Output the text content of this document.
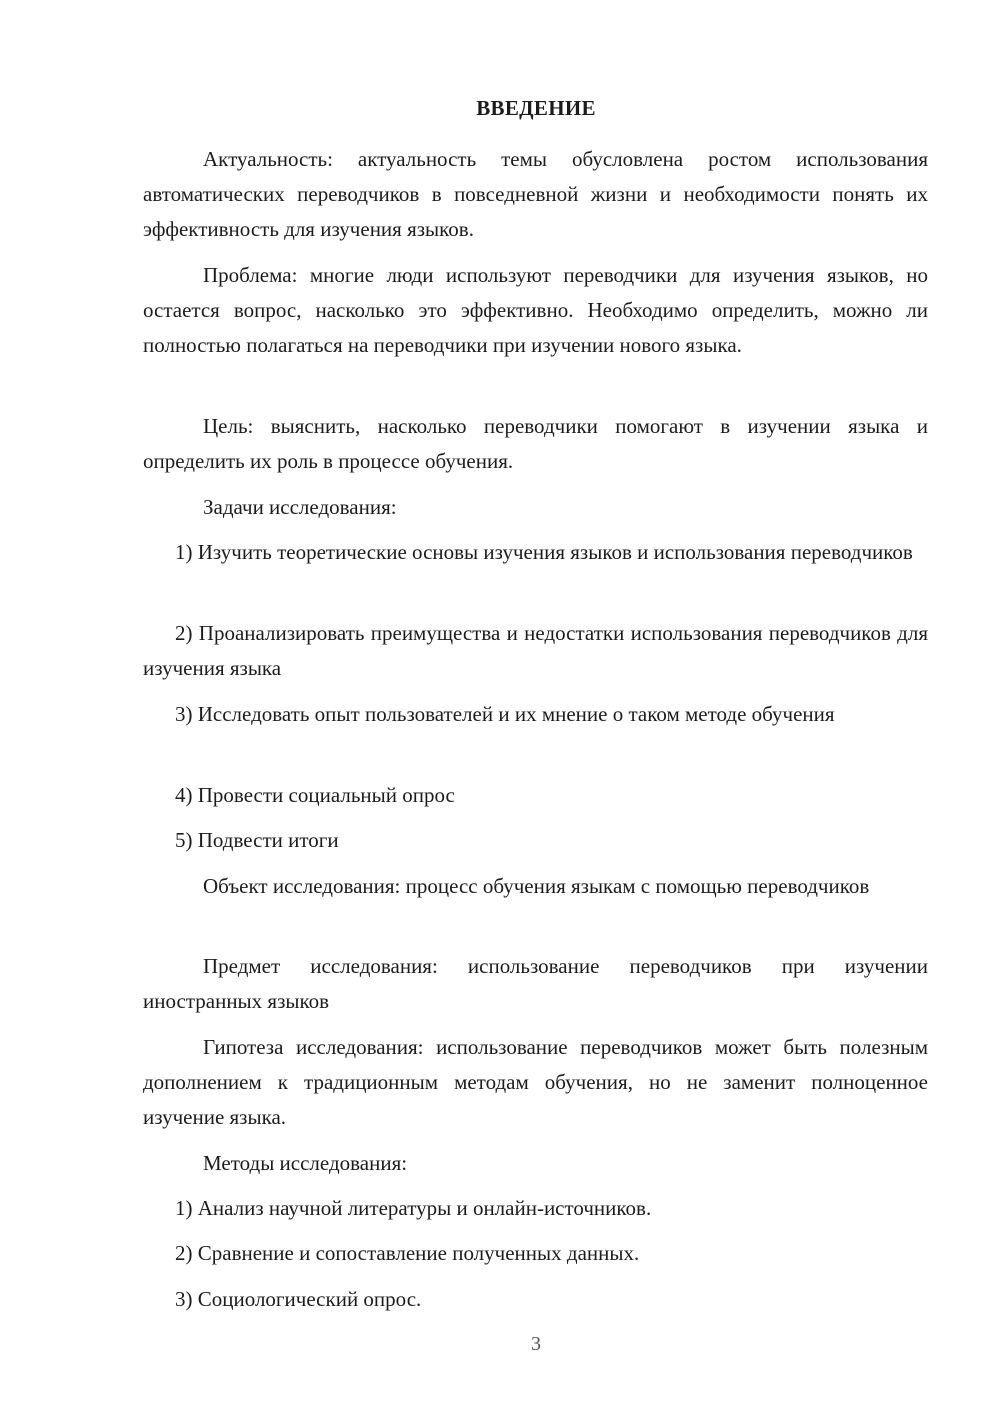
ВВЕДЕНИЕ
Актуальность: актуальность темы обусловлена ростом использования автоматических переводчиков в повседневной жизни и необходимости понять их эффективность для изучения языков.
Проблема: многие люди используют переводчики для изучения языков, но остается вопрос, насколько это эффективно. Необходимо определить, можно ли полностью полагаться на переводчики при изучении нового языка.
Цель: выяснить, насколько переводчики помогают в изучении языка и определить их роль в процессе обучения.
Задачи исследования:
1) Изучить теоретические основы изучения языков и использования переводчиков
2) Проанализировать преимущества и недостатки использования переводчиков для изучения языка
3) Исследовать опыт пользователей и их мнение о таком методе обучения
4) Провести социальный опрос
5) Подвести итоги
Объект исследования: процесс обучения языкам с помощью переводчиков
Предмет исследования: использование переводчиков при изучении иностранных языков
Гипотеза исследования: использование переводчиков может быть полезным дополнением к традиционным методам обучения, но не заменит полноценное изучение языка.
Методы исследования:
1) Анализ научной литературы и онлайн-источников.
2) Сравнение и сопоставление полученных данных.
3) Социологический опрос.
3
